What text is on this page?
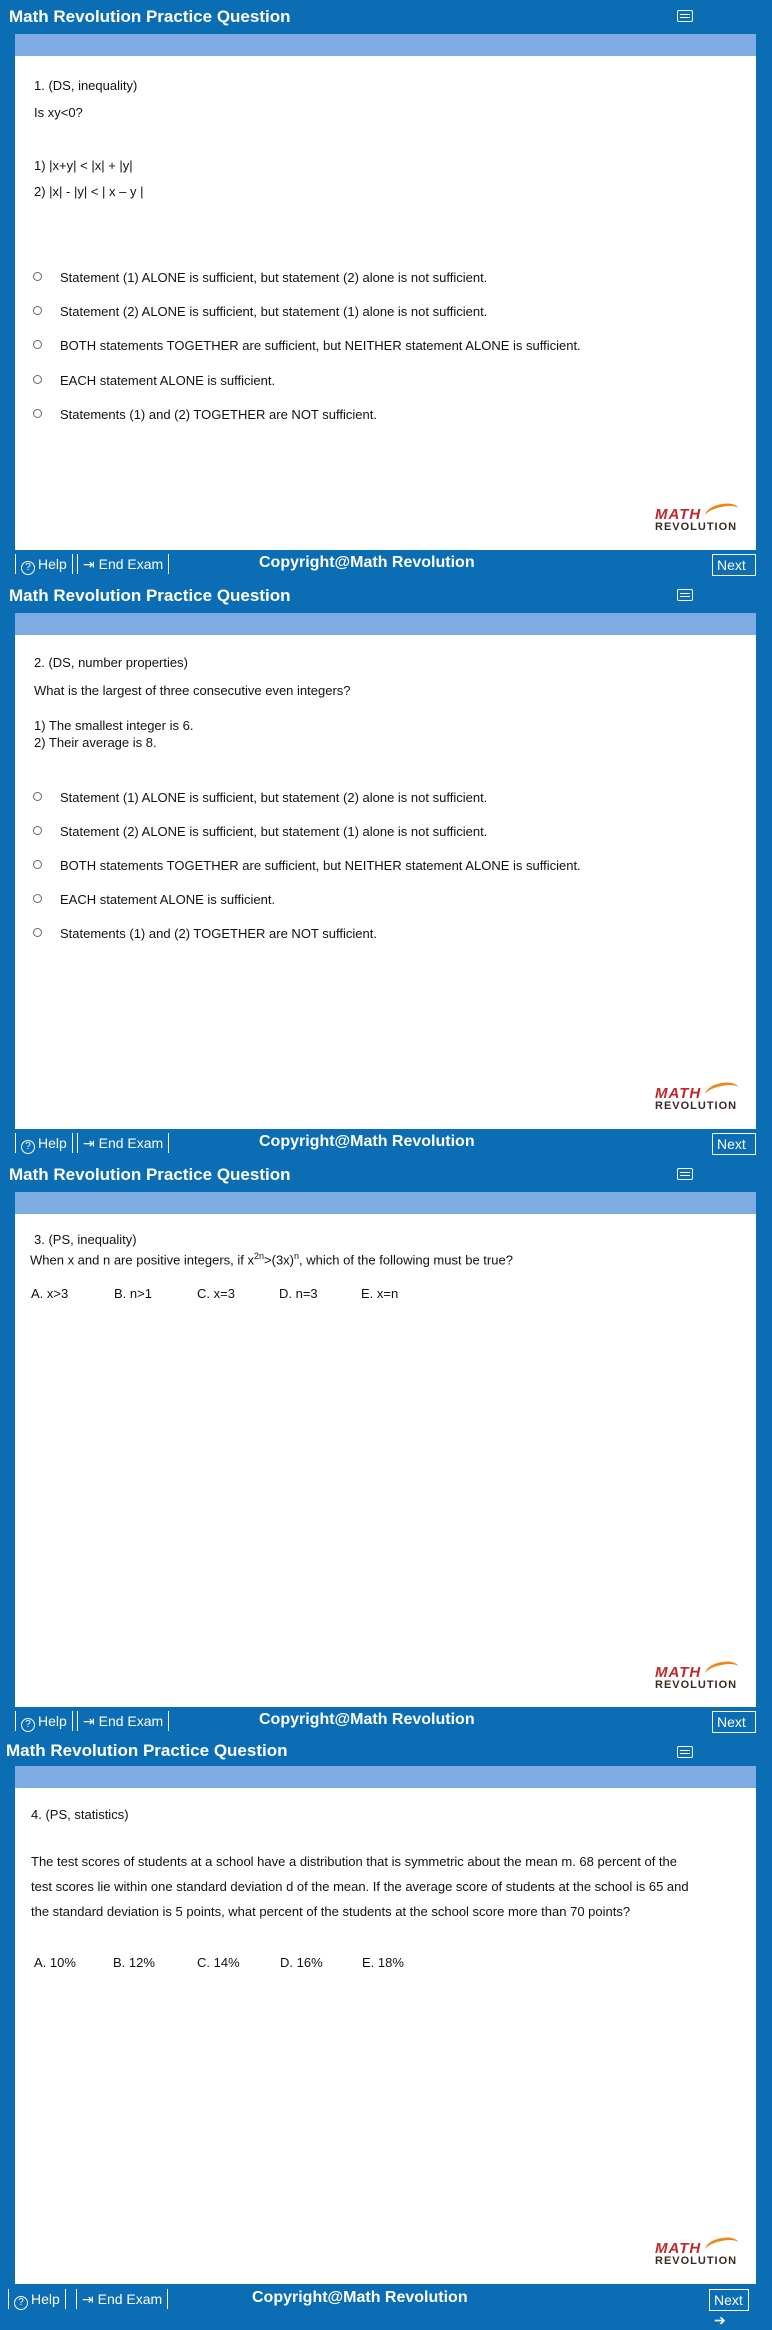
Math Revolution Practice Question
1. (DS, inequality)
Is xy<0?
1) |x+y| < |x| + |y|
2) |x| - |y| < | x – y |
Statement (1) ALONE is sufficient, but statement (2) alone is not sufficient.
Statement (2) ALONE is sufficient, but statement (1) alone is not sufficient.
BOTH statements TOGETHER are sufficient, but NEITHER statement ALONE is sufficient.
EACH statement ALONE is sufficient.
Statements (1) and (2) TOGETHER are NOT sufficient.
MATH
REVOLUTION
? Help	⇥ End Exam	Copyright@Math Revolution	Next
Math Revolution Practice Question
2. (DS, number properties)
What is the largest of three consecutive even integers?
1) The smallest integer is 6.
2) Their average is 8.
Statement (1) ALONE is sufficient, but statement (2) alone is not sufficient.
Statement (2) ALONE is sufficient, but statement (1) alone is not sufficient.
BOTH statements TOGETHER are sufficient, but NEITHER statement ALONE is sufficient.
EACH statement ALONE is sufficient.
Statements (1) and (2) TOGETHER are NOT sufficient.
MATH
REVOLUTION
? Help	⇥ End Exam	Copyright@Math Revolution	Next
Math Revolution Practice Question
3. (PS, inequality)
When x and n are positive integers, if $x^{2n}>(3x)^n$, which of the following must be true?
A. x>3	B. n>1	C. x=3	D. n=3	E. x=n
MATH
REVOLUTION
? Help	⇥ End Exam	Copyright@Math Revolution	Next
Math Revolution Practice Question
4. (PS, statistics)
The test scores of students at a school have a distribution that is symmetric about the mean m. 68 percent of the
test scores lie within one standard deviation d of the mean. If the average score of students at the school is 65 and
the standard deviation is 5 points, what percent of the students at the school score more than 70 points?
A. 10%	B. 12%	C. 14%	D. 16%	E. 18%
MATH
REVOLUTION
? Help	⇥ End Exam	Copyright@Math Revolution	Next ➔
